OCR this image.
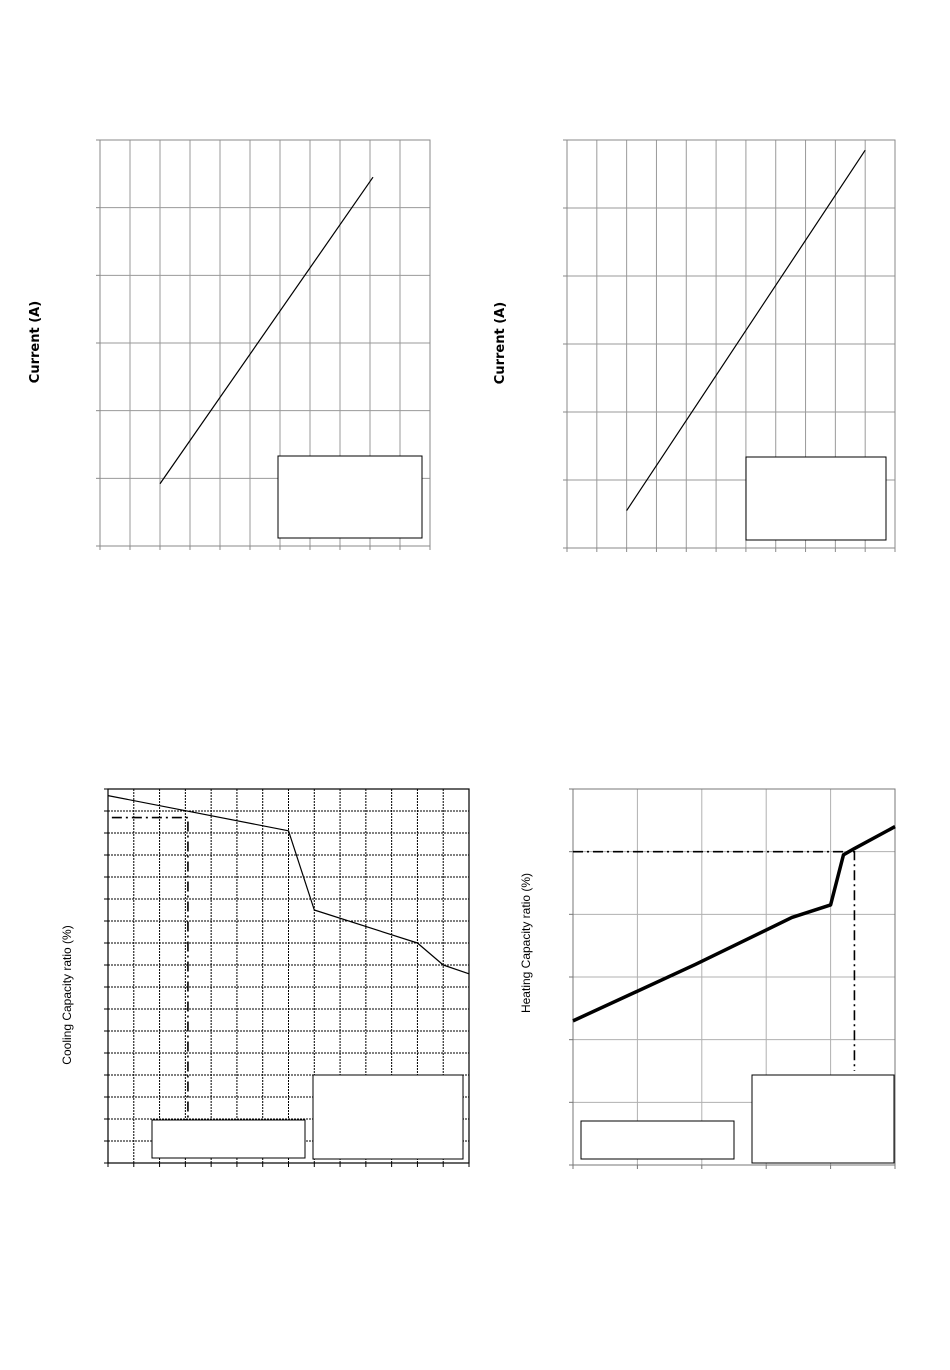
Current (A)	Current (A)
Cooling Capacity ratio (%)	Heating Capacity ratio (%)
